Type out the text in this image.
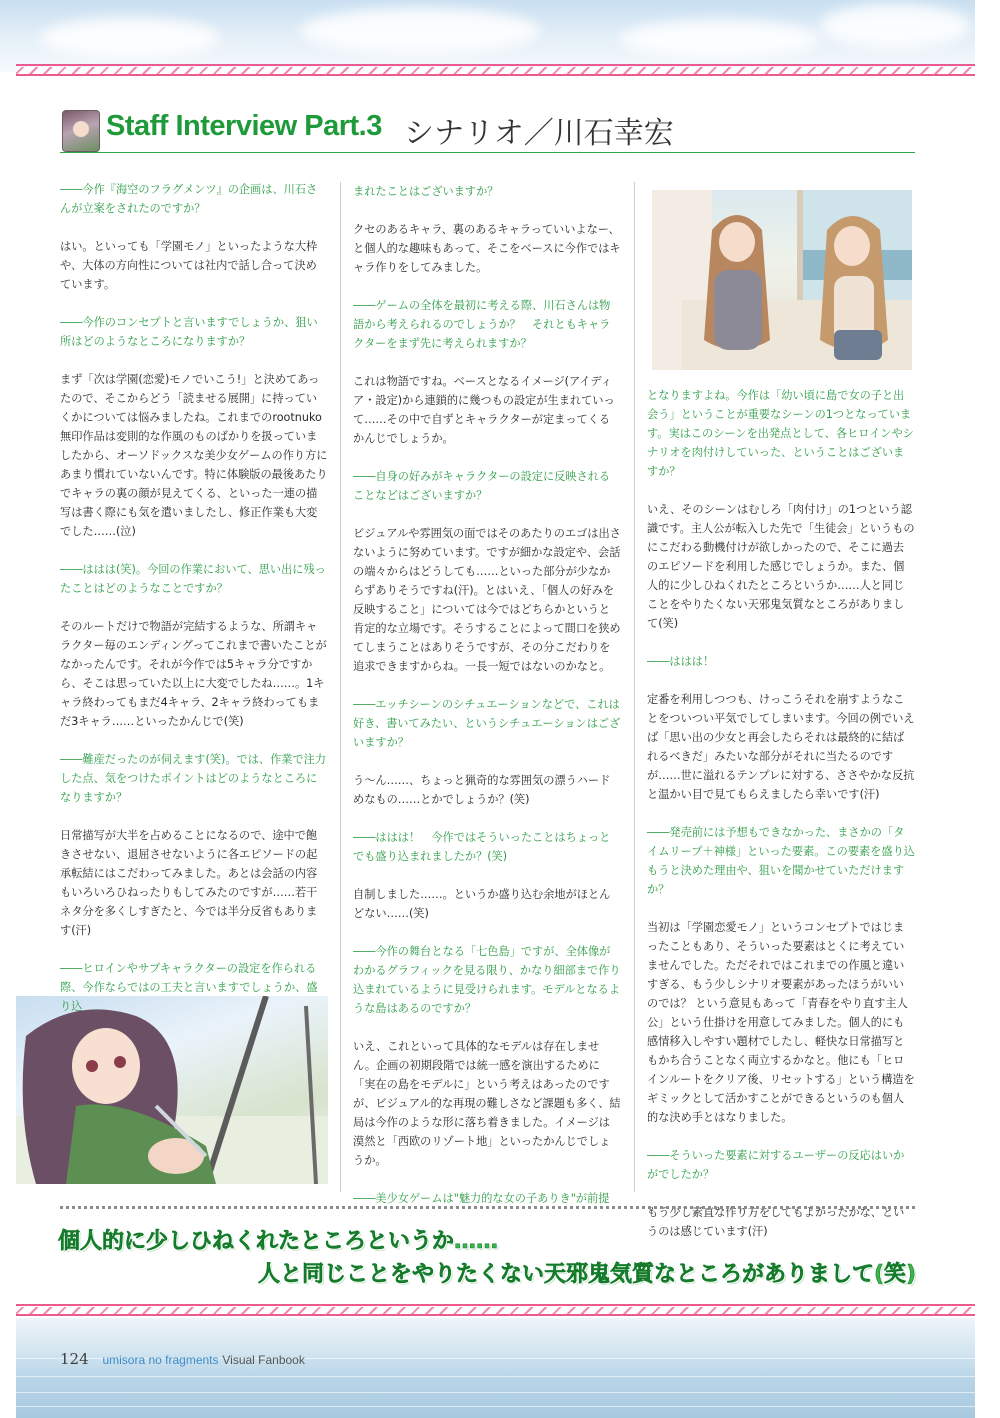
Staff Interview Part.3 シナリオ／川石幸宏

――今作『海空のフラグメンツ』の企画は、川石さんが立案をされたのですか？

はい。といっても「学園モノ」といったような大枠や、大体の方向性については社内で話し合って決めています。

――今作のコンセプトと言いますでしょうか、狙い所はどのようなところになりますか？

まず「次は学園(恋愛)モノでいこう!」と決めてあったので、そこからどう「読ませる展開」に持っていくかについては悩みましたね。これまでのrootnuko無印作品は変則的な作風のものばかりを扱っていましたから、オーソドックスな美少女ゲームの作り方にあまり慣れていないんです。特に体験版の最後あたりでキャラの裏の顔が見えてくる、といった一連の描写は書く際にも気を遣いましたし、修正作業も大変でした……(泣)

――ははは(笑)。今回の作業において、思い出に残ったことはどのようなことですか？

そのルートだけで物語が完結するような、所謂キャラクター毎のエンディングってこれまで書いたことがなかったんです。それが今作では5キャラ分ですから、そこは思っていた以上に大変でしたね……。1キャラ終わってもまだ4キャラ、2キャラ終わってもまだ3キャラ……といったかんじで(笑)

――難産だったのが伺えます(笑)。では、作業で注力した点、気をつけたポイントはどのようなところになりますか？

日常描写が大半を占めることになるので、途中で飽きさせない、退屈させないように各エピソードの起承転結にはこだわってみました。あとは会話の内容もいろいろひねったりもしてみたのですが……若干ネタ分を多くしすぎたと、今では半分反省もあります(汗)

――ヒロインやサブキャラクターの設定を作られる際、今作ならではの工夫と言いますでしょうか、盛り込

まれたことはございますか？

クセのあるキャラ、裏のあるキャラっていいよなー、と個人的な趣味もあって、そこをベースに今作ではキャラ作りをしてみました。

――ゲームの全体を最初に考える際、川石さんは物語から考えられるのでしょうか？　それともキャラクターをまず先に考えられますか？

これは物語ですね。ベースとなるイメージ(アイディア・設定)から連鎖的に幾つもの設定が生まれていって……その中で自ずとキャラクターが定まってくるかんじでしょうか。

――自身の好みがキャラクターの設定に反映されることなどはございますか？

ビジュアルや雰囲気の面ではそのあたりのエゴは出さないように努めています。ですが細かな設定や、会話の端々からはどうしても……といった部分が少なからずありそうですね(汗)。とはいえ、「個人の好みを反映すること」については今ではどちらかというと肯定的な立場です。そうすることによって間口を狭めてしまうことはありそうですが、その分こだわりを追求できますからね。一長一短ではないのかなと。

――エッチシーンのシチュエーションなどで、これは好き、書いてみたい、というシチュエーションはございますか？

う～ん……、ちょっと猟奇的な雰囲気の漂うハードめなもの……とかでしょうか？(笑)

――ははは！　今作ではそういったことはちょっとでも盛り込まれましたか？(笑)

自制しました……。というか盛り込む余地がほとんどない……(笑)

――今作の舞台となる「七色島」ですが、全体像がわかるグラフィックを見る限り、かなり細部まで作り込まれているように見受けられます。モデルとなるような島はあるのですか？

いえ、これといって具体的なモデルは存在しません。企画の初期段階では統一感を演出するために「実在の島をモデルに」という考えはあったのですが、ビジュアル的な再現の難しさなど課題も多く、結局は今作のような形に落ち着きました。イメージは漠然と「西欧のリゾート地」といったかんじでしょうか。

――美少女ゲームは"魅力的な女の子ありき"が前提

となりますよね。今作は「幼い頃に島で女の子と出会う」ということが重要なシーンの1つとなっています。実はこのシーンを出発点として、各ヒロインやシナリオを肉付けしていった、ということはございますか？

いえ、そのシーンはむしろ「肉付け」の1つという認識です。主人公が転入した先で「生徒会」というものにこだわる動機付けが欲しかったので、そこに過去のエピソードを利用した感じでしょうか。また、個人的に少しひねくれたところというか……人と同じことをやりたくない天邪鬼気質なところがありまして(笑)

――ははは！

定番を利用しつつも、けっこうそれを崩すようなことをついつい平気でしてしまいます。今回の例でいえば「思い出の少女と再会したらそれは最終的に結ばれるべきだ」みたいな部分がそれに当たるのですが……世に溢れるテンプレに対する、ささやかな反抗と温かい目で見てもらえましたら幸いです(汗)

――発売前には予想もできなかった、まさかの「タイムリープ＋神様」といった要素。この要素を盛り込もうと決めた理由や、狙いを聞かせていただけますか？

当初は「学園恋愛モノ」というコンセプトではじまったこともあり、そういった要素はとくに考えていませんでした。ただそれではこれまでの作風と違いすぎる、もう少しシナリオ要素があったほうがいいのでは？ という意見もあって「青春をやり直す主人公」という仕掛けを用意してみました。個人的にも感情移入しやすい題材でしたし、軽快な日常描写ともかち合うことなく両立するかなと。他にも「ヒロインルートをクリア後、リセットする」という構造をギミックとして活かすことができるというのも個人的な決め手とはなりました。

――そういった要素に対するユーザーの反応はいかがでしたか？

もう少し素直な作り方をしてもよかったかな、というのは感じています(汗)

個人的に少しひねくれたところというか……
人と同じことをやりたくない天邪鬼気質なところがありまして(笑)
124 umisora no fragments Visual Fanbook
